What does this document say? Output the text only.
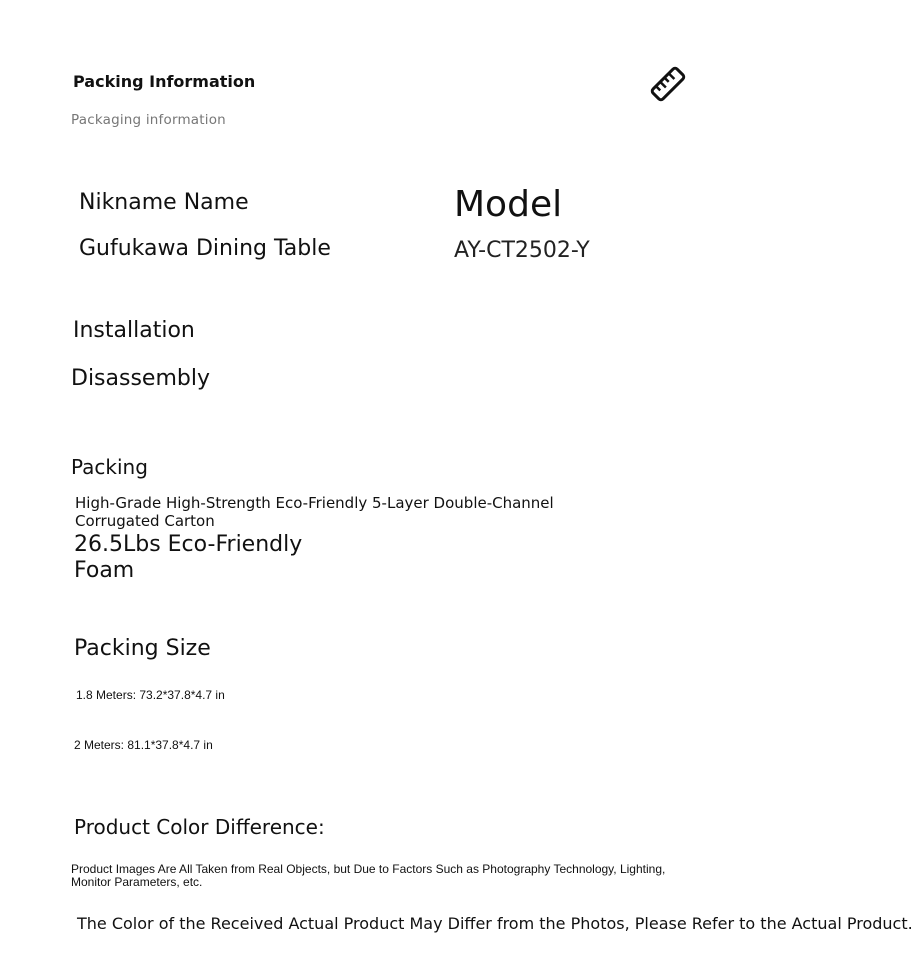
Packing Information
Packaging information
Nikname Name
Gufukawa Dining Table
Model
AY-CT2502-Y
Installation
Disassembly
Packing
High-Grade High-Strength Eco-Friendly 5-Layer Double-Channel Corrugated Carton
26.5Lbs Eco-Friendly Foam
Packing Size
1.8 Meters: 73.2*37.8*4.7 in
2 Meters: 81.1*37.8*4.7 in
Product Color Difference:
Product Images Are All Taken from Real Objects, but Due to Factors Such as Photography Technology, Lighting, Monitor Parameters, etc.
The Color of the Received Actual Product May Differ from the Photos, Please Refer to the Actual Product.
